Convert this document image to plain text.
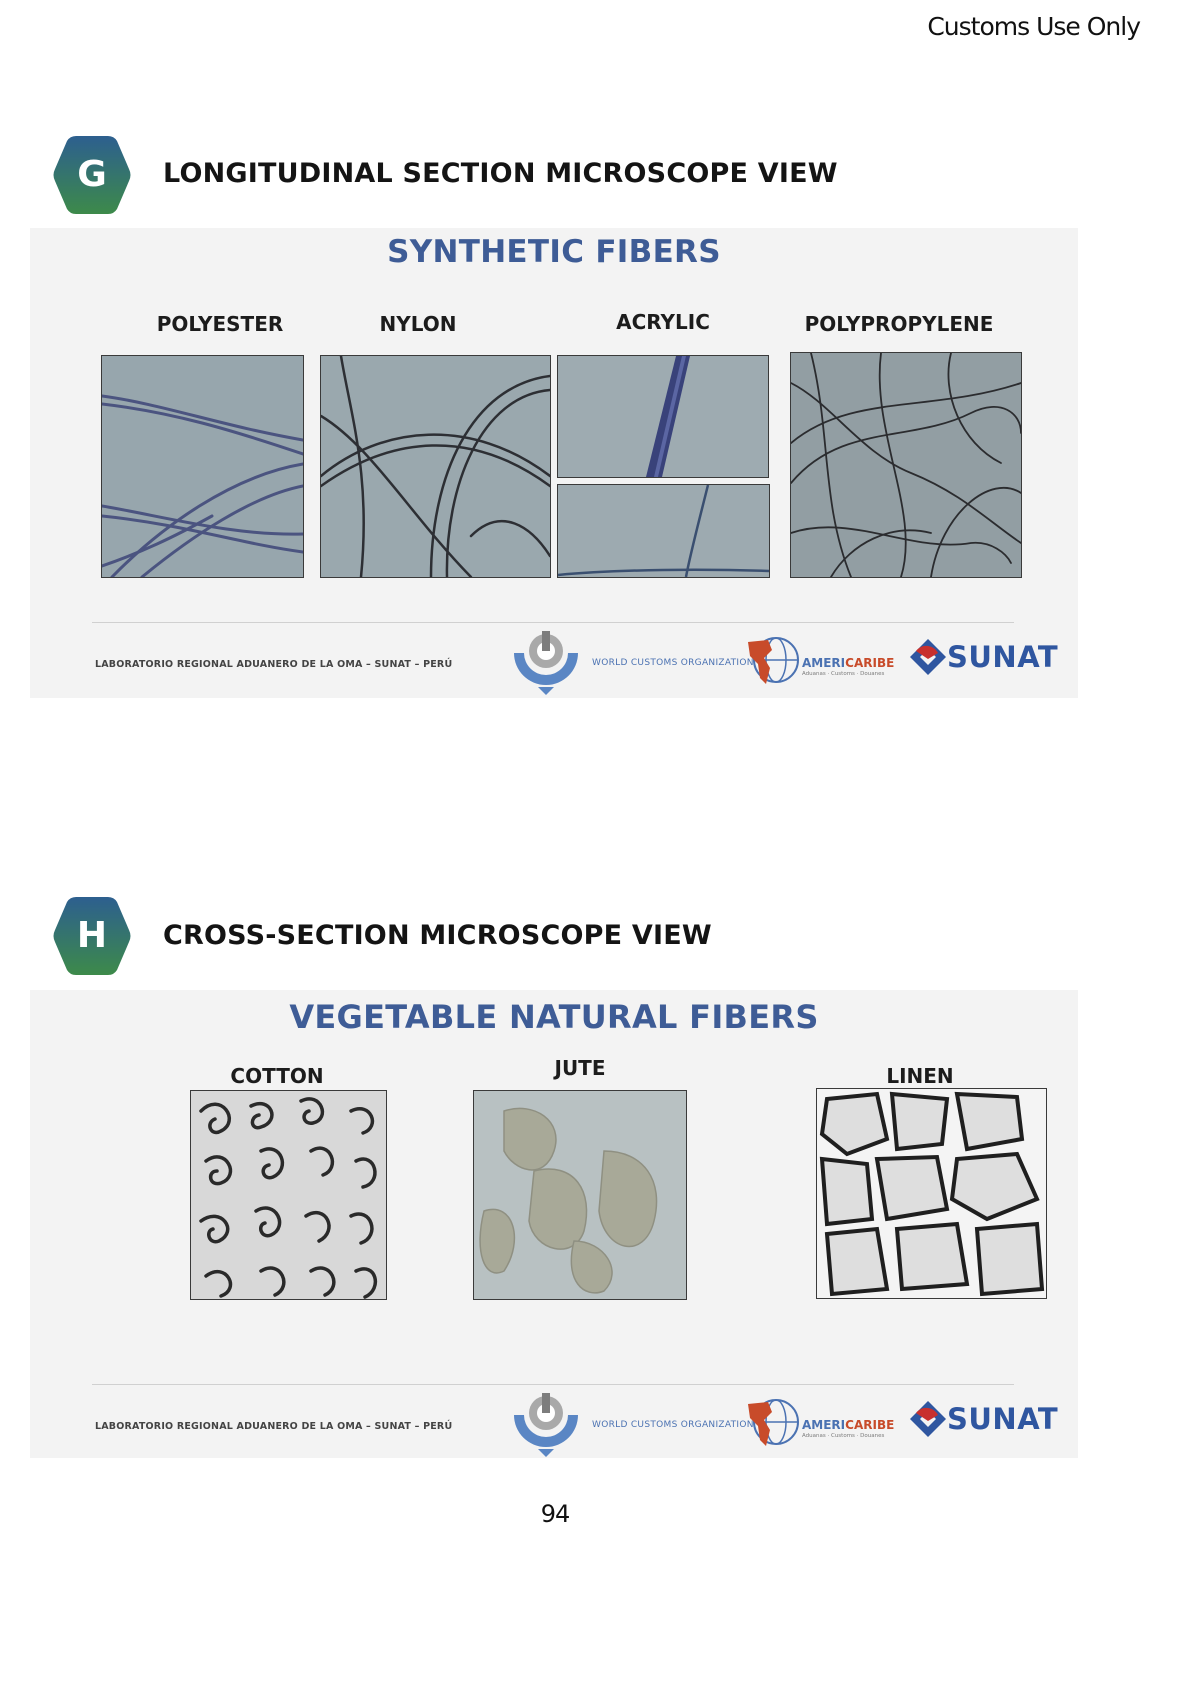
Customs Use Only
G	LONGITUDINAL SECTION MICROSCOPE VIEW
SYNTHETIC FIBERS
POLYESTER	NYLON	ACRYLIC	POLYPROPYLENE
LABORATORIO REGIONAL ADUANERO DE LA OMA – SUNAT – PERÚ	WORLD CUSTOMS ORGANIZATION	AMERICARIBE
Aduanas · Customs · Douanes	SUNAT
H	CROSS-SECTION MICROSCOPE VIEW
VEGETABLE NATURAL FIBERS
COTTON	JUTE	LINEN
LABORATORIO REGIONAL ADUANERO DE LA OMA – SUNAT – PERÚ	WORLD CUSTOMS ORGANIZATION	AMERICARIBE
Aduanas · Customs · Douanes	SUNAT
94
